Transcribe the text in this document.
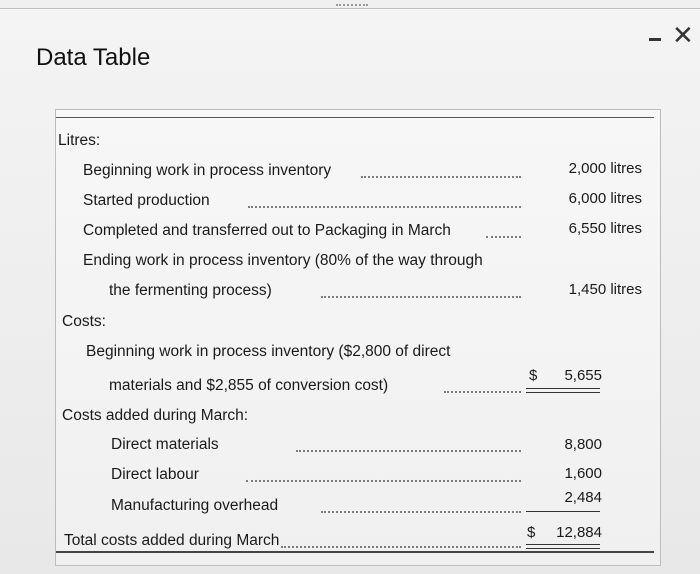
Data Table
✕
Litres:
Beginning work in process inventory	2,000 litres
Started production	6,000 litres
Completed and transferred out to Packaging in March	6,550 litres
Ending work in process inventory (80% of the way through
the fermenting process)	1,450 litres
Costs:
Beginning work in process inventory ($2,800 of direct
materials and $2,855 of conversion cost)
$ 5,655
Costs added during March:
Direct materials	8,800
Direct labour	1,600
Manufacturing overhead	2,484
Total costs added during March	$ 12,884
